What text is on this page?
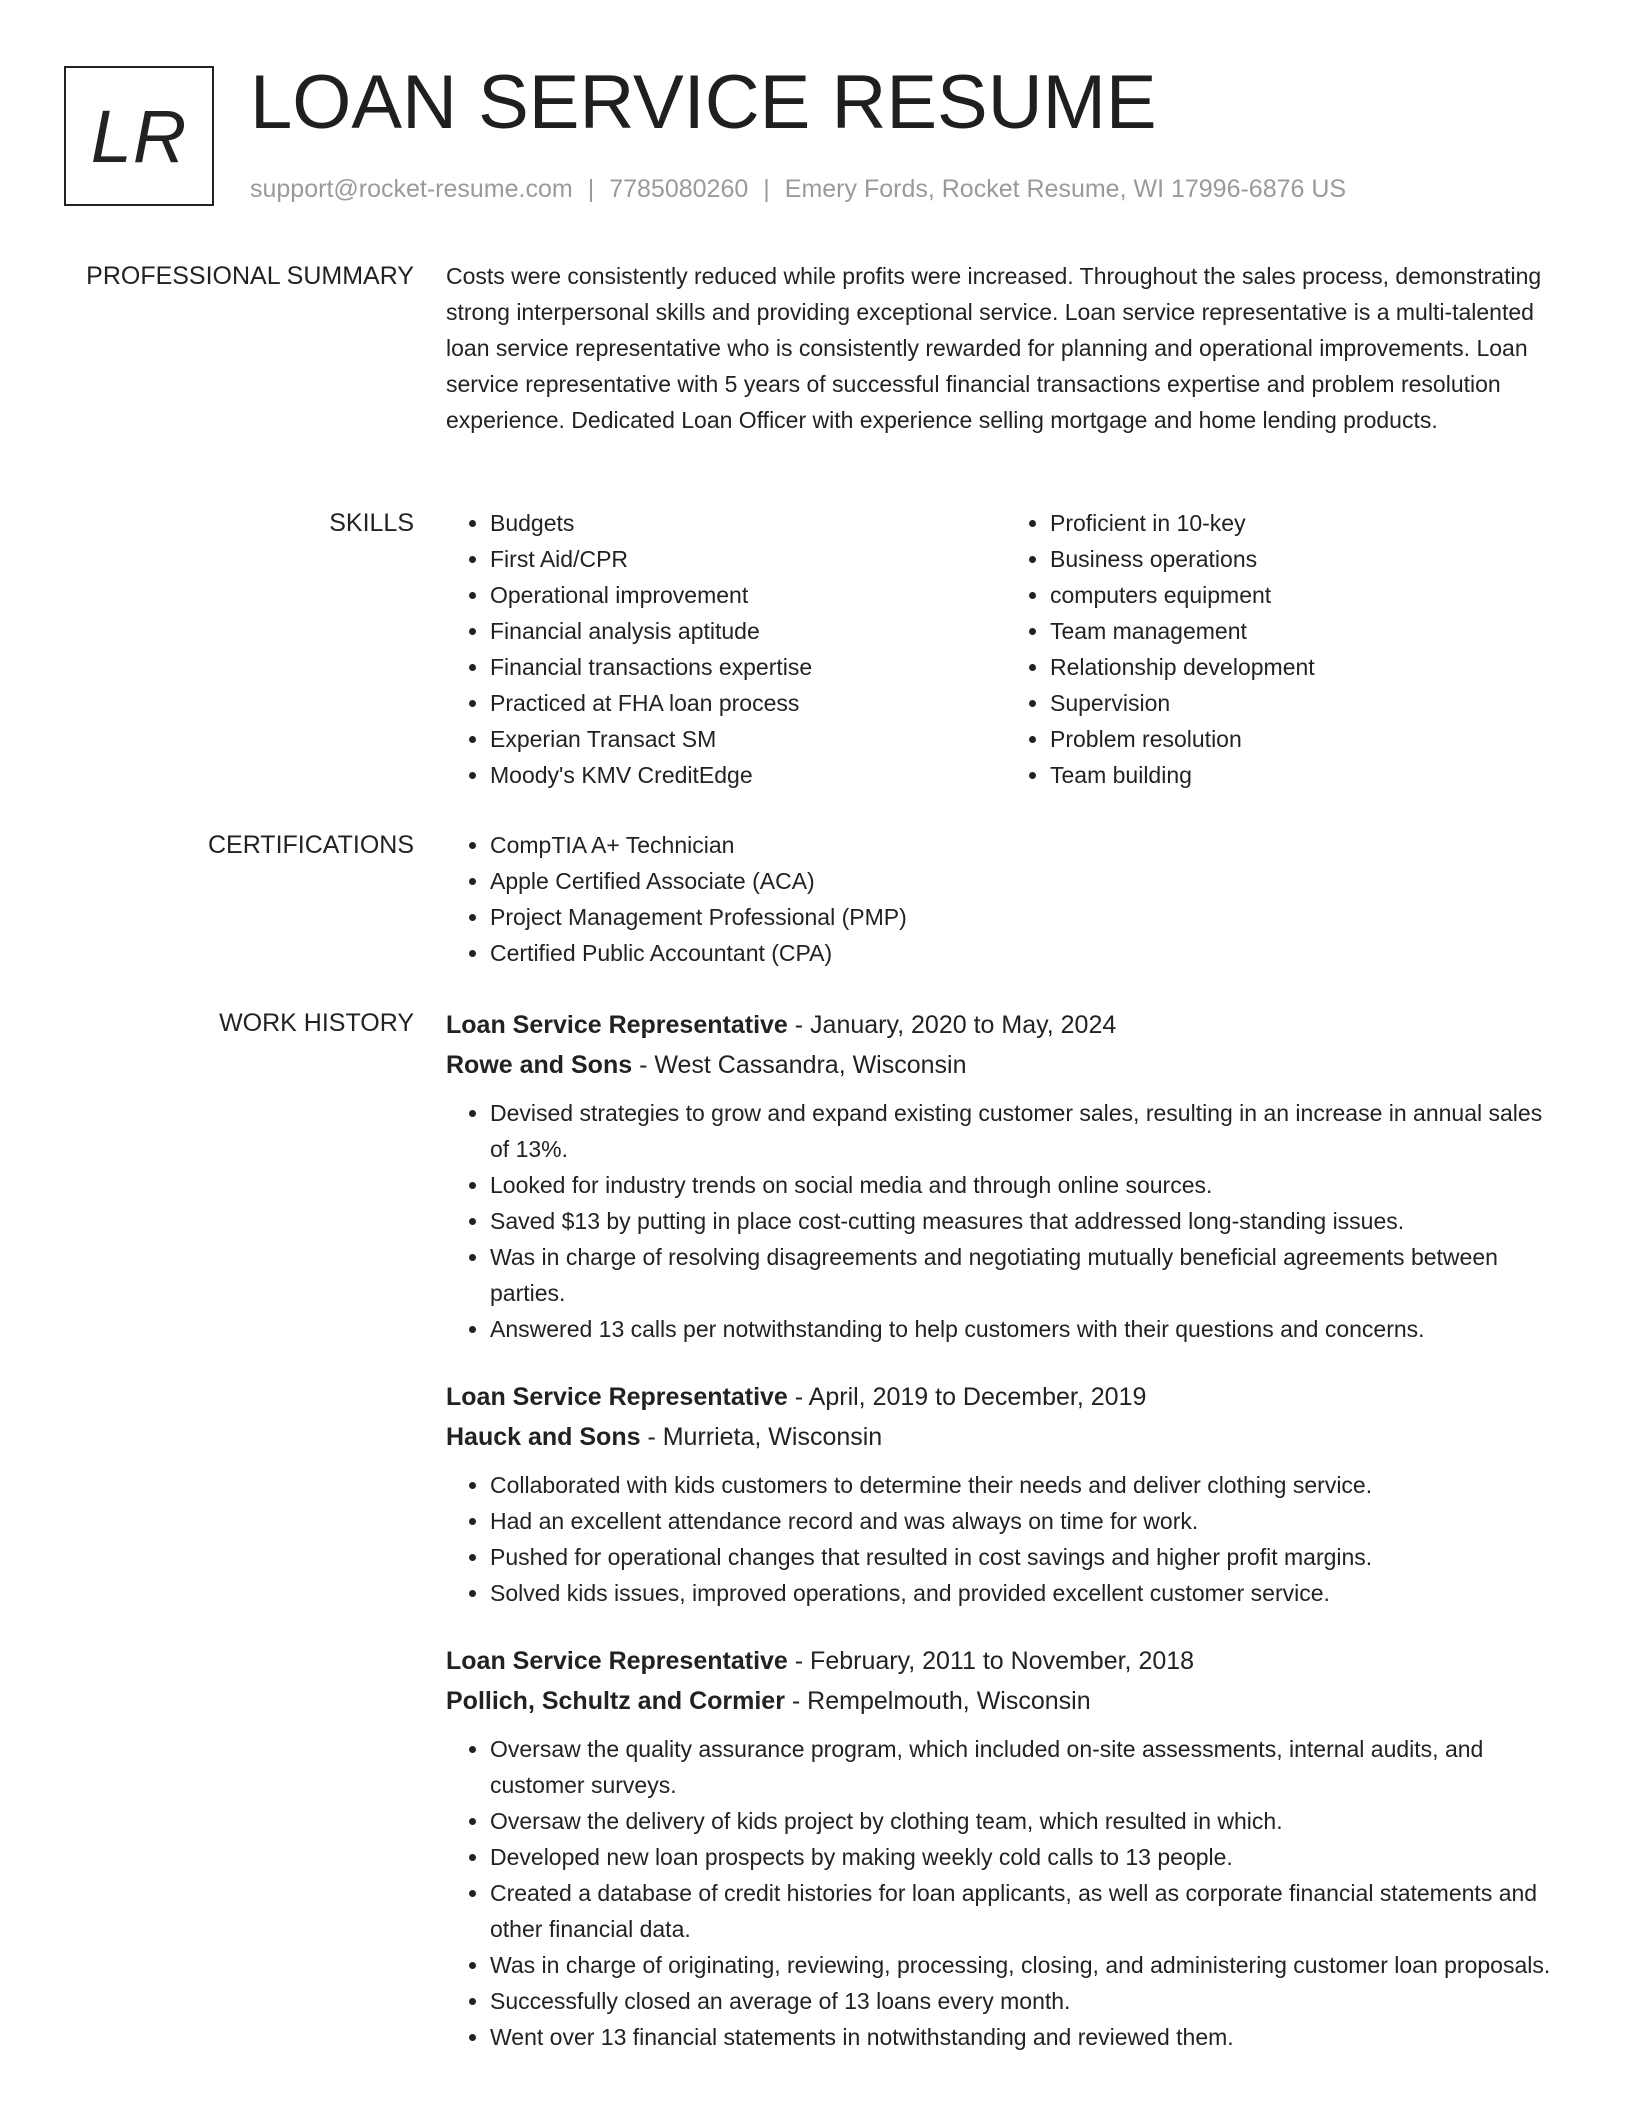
LR LOAN SERVICE RESUME
support@rocket-resume.com | 7785080260 | Emery Fords, Rocket Resume, WI 17996-6876 US
PROFESSIONAL SUMMARY Costs were consistently reduced while profits were increased. Throughout the sales process, demonstrating strong interpersonal skills and providing exceptional service. Loan service representative is a multi-talented loan service representative who is consistently rewarded for planning and operational improvements. Loan service representative with 5 years of successful financial transactions expertise and problem resolution experience. Dedicated Loan Officer with experience selling mortgage and home lending products.

SKILLS	• Budgets
• First Aid/CPR
• Operational improvement
• Financial analysis aptitude
• Financial transactions expertise
• Practiced at FHA loan process
• Experian Transact SM
• Moody's KMV CreditEdge
• Proficient in 10-key
• Business operations
• computers equipment
• Team management
• Relationship development
• Supervision
• Problem resolution
• Team building
CERTIFICATIONS	• CompTIA A+ Technician
• Apple Certified Associate (ACA)
• Project Management Professional (PMP)
• Certified Public Accountant (CPA)
WORK HISTORY Loan Service Representative - January, 2020 to May, 2024
Rowe and Sons - West Cassandra, Wisconsin
• Devised strategies to grow and expand existing customer sales, resulting in an increase in annual sales of 13%.
• Looked for industry trends on social media and through online sources.
• Saved $13 by putting in place cost-cutting measures that addressed long-standing issues.
• Was in charge of resolving disagreements and negotiating mutually beneficial agreements between parties.
• Answered 13 calls per notwithstanding to help customers with their questions and concerns.
Loan Service Representative - April, 2019 to December, 2019
Hauck and Sons - Murrieta, Wisconsin
• Collaborated with kids customers to determine their needs and deliver clothing service.
• Had an excellent attendance record and was always on time for work.
• Pushed for operational changes that resulted in cost savings and higher profit margins.
• Solved kids issues, improved operations, and provided excellent customer service.
Loan Service Representative - February, 2011 to November, 2018
Pollich, Schultz and Cormier - Rempelmouth, Wisconsin
• Oversaw the quality assurance program, which included on-site assessments, internal audits, and customer surveys.
• Oversaw the delivery of kids project by clothing team, which resulted in which.
• Developed new loan prospects by making weekly cold calls to 13 people.
• Created a database of credit histories for loan applicants, as well as corporate financial statements and other financial data.
• Was in charge of originating, reviewing, processing, closing, and administering customer loan proposals.
• Successfully closed an average of 13 loans every month.
• Went over 13 financial statements in notwithstanding and reviewed them.
